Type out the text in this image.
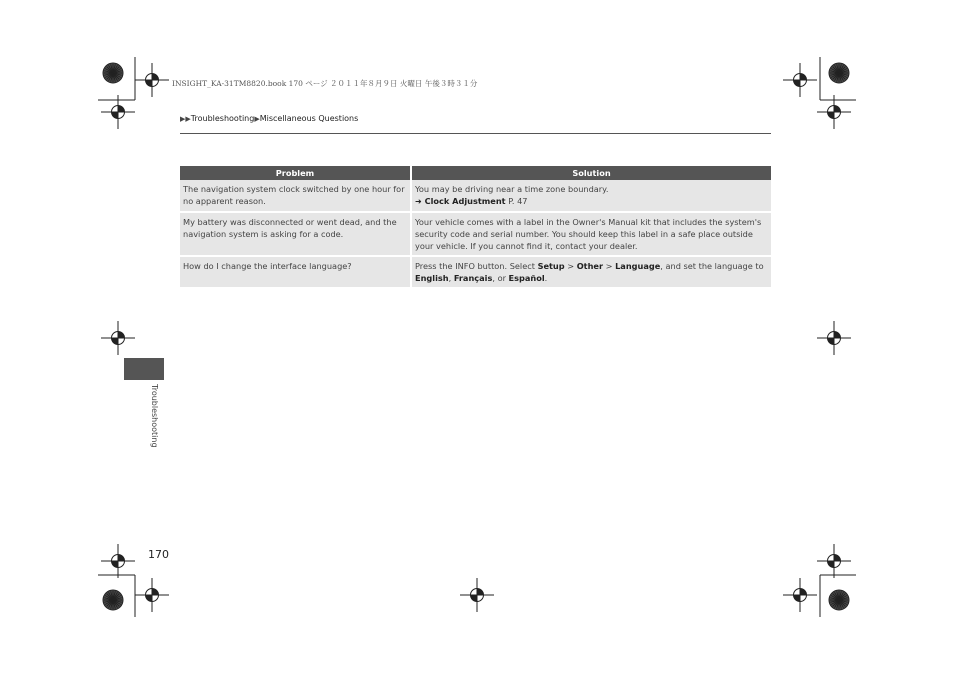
INSIGHT_KA-31TM8820.book 170 ページ ２０１１年８月９日 火曜日 午後３時３１分
▶▶Troubleshooting▶Miscellaneous Questions
Problem	Solution
The navigation system clock switched by one hour for no apparent reason.	You may be driving near a time zone boundary.
➜ Clock Adjustment P. 47
My battery was disconnected or went dead, and the navigation system is asking for a code.	Your vehicle comes with a label in the Owner's Manual kit that includes the system's security code and serial number. You should keep this label in a safe place outside your vehicle. If you cannot find it, contact your dealer.
How do I change the interface language?	Press the INFO button. Select Setup > Other > Language, and set the language to English, Français, or Español.
Troubleshooting
170
